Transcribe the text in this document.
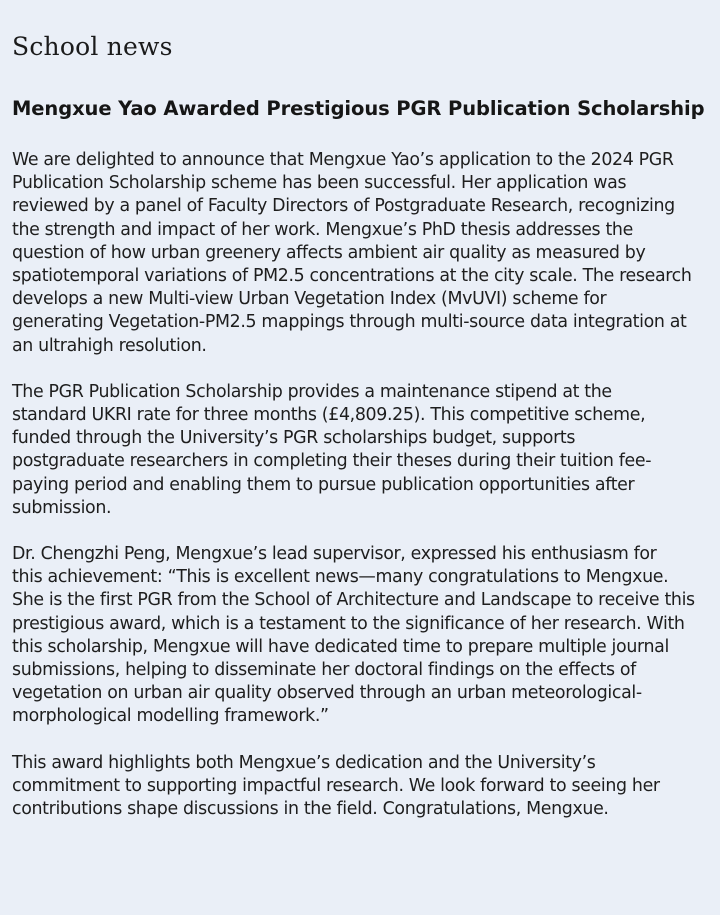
School news
Mengxue Yao Awarded Prestigious PGR Publication Scholarship

We are delighted to announce that Mengxue Yao’s application to the 2024 PGR
Publication Scholarship scheme has been successful. Her application was
reviewed by a panel of Faculty Directors of Postgraduate Research, recognizing
the strength and impact of her work. Mengxue’s PhD thesis addresses the
question of how urban greenery affects ambient air quality as measured by
spatiotemporal variations of PM2.5 concentrations at the city scale. The research
develops a new Multi-view Urban Vegetation Index (MvUVI) scheme for
generating Vegetation-PM2.5 mappings through multi-source data integration at
an ultrahigh resolution.

The PGR Publication Scholarship provides a maintenance stipend at the
standard UKRI rate for three months (£4,809.25). This competitive scheme,
funded through the University’s PGR scholarships budget, supports
postgraduate researchers in completing their theses during their tuition fee-
paying period and enabling them to pursue publication opportunities after
submission.

Dr. Chengzhi Peng, Mengxue’s lead supervisor, expressed his enthusiasm for
this achievement: “This is excellent news—many congratulations to Mengxue.
She is the first PGR from the School of Architecture and Landscape to receive this
prestigious award, which is a testament to the significance of her research. With
this scholarship, Mengxue will have dedicated time to prepare multiple journal
submissions, helping to disseminate her doctoral findings on the effects of
vegetation on urban air quality observed through an urban meteorological-
morphological modelling framework.”

This award highlights both Mengxue’s dedication and the University’s
commitment to supporting impactful research. We look forward to seeing her
contributions shape discussions in the field. Congratulations, Mengxue.
